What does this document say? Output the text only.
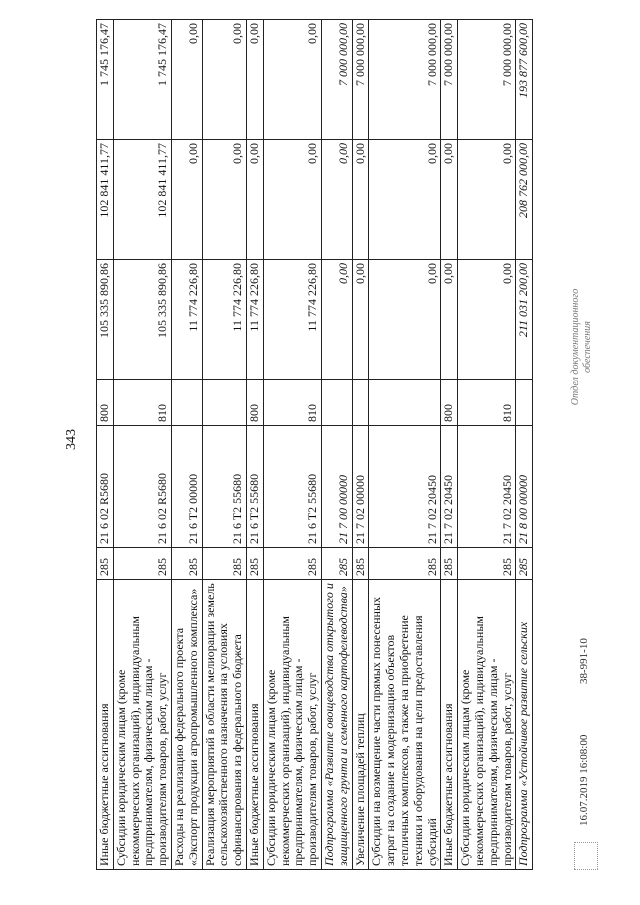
343
Иные бюджетные ассигнования	285	21 6 02 R5680	800	105 335 890,86	102 841 411,77	1 745 176,47
Субсидии юридическим лицам (кроме некоммерческих организаций), индивидуальным предпринимателям, физическим лицам - производителям товаров, работ, услуг	285	21 6 02 R5680	810	105 335 890,86	102 841 411,77	1 745 176,47
Расходы на реализацию федерального проекта «Экспорт продукции агропромышленного комплекса»	285	21 6 T2 00000		11 774 226,80	0,00	0,00
Реализация мероприятий в области мелиорации земель сельскохозяйственного назначения на условиях софинансирования из федерального бюджета	285	21 6 T2 55680		11 774 226,80	0,00	0,00
Иные бюджетные ассигнования	285	21 6 T2 55680	800	11 774 226,80	0,00	0,00
Субсидии юридическим лицам (кроме некоммерческих организаций), индивидуальным предпринимателям, физическим лицам - производителям товаров, работ, услуг	285	21 6 T2 55680	810	11 774 226,80	0,00	0,00
Подпрограмма «Развитие овощеводства открытого и защищенного грунта и семенного картофелеводства»	285	21 7 00 00000		0,00	0,00	7 000 000,00
Увеличение площадей теплиц	285	21 7 02 00000		0,00	0,00	7 000 000,00
Субсидии на возмещение части прямых понесенных затрат на создание и модернизацию объектов тепличных комплексов, а также на приобретение техники и оборудования на цели предоставления субсидий	285	21 7 02 20450		0,00	0,00	7 000 000,00
Иные бюджетные ассигнования	285	21 7 02 20450	800	0,00	0,00	7 000 000,00
Субсидии юридическим лицам (кроме некоммерческих организаций), индивидуальным предпринимателям, физическим лицам - производителям товаров, работ, услуг	285	21 7 02 20450	810	0,00	0,00	7 000 000,00
Подпрограмма «Устойчивое развитие сельских	285	21 8 00 00000		211 031 200,00	208 762 000,00	193 877 600,00
16.07.2019 16:08:00
38-991-10
Отдел документационного обеспечения
